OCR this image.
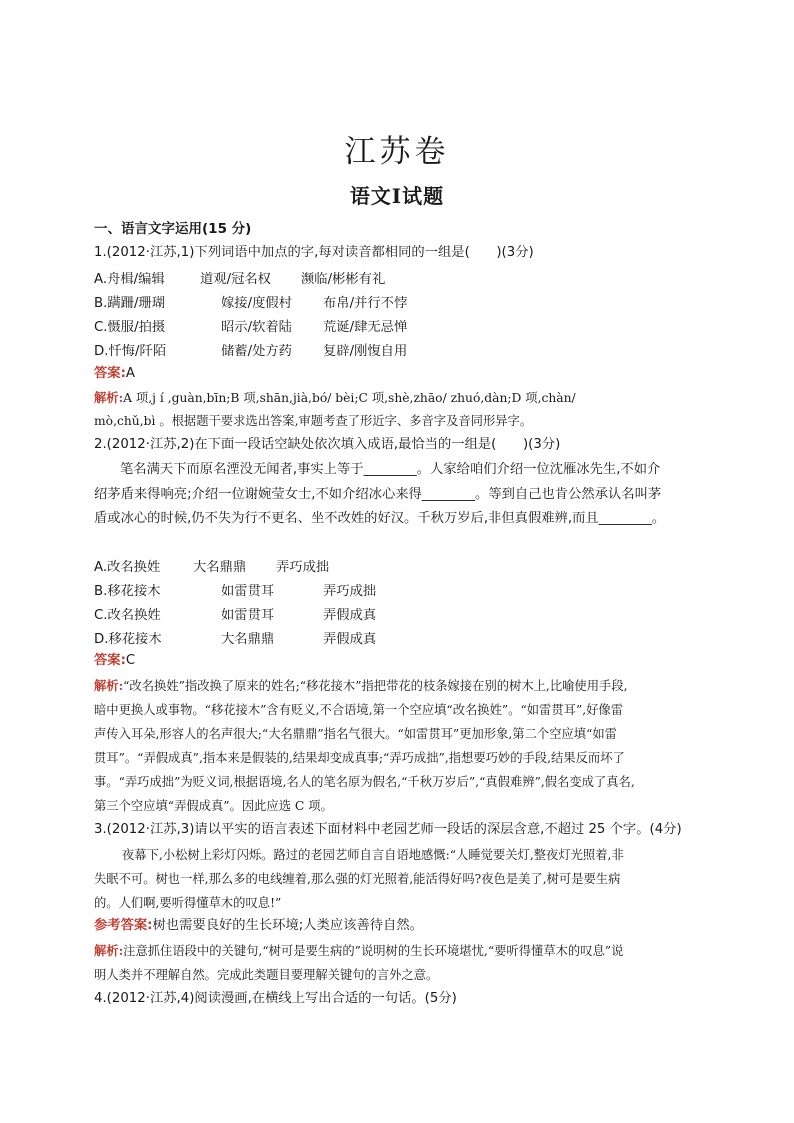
江苏卷
语文Ⅰ试题
一、语言文字运用(15 分)
1.(2012·江苏,1)下列词语中加点的字,每对读音都相同的一组是(　　)(3分)
A.舟楫/编辑	道观/冠名权 濒临/彬彬有礼
B.蹒跚/珊瑚	嫁接/度假村 布帛/并行不悖
C.慑服/拍摄	昭示/软着陆 荒诞/肆无忌惮
D.忏悔/阡陌	储蓄/处方药 复辟/刚愎自用
答案:A
解析:A 项,j í ,guàn,bīn;B 项,shān,jià,bó/ bèi;C 项,shè,zhāo/ zhuó,dàn;D 项,chàn/
mò,chǔ,bì 。根据题干要求选出答案,审题考查了形近字、多音字及音同形异字。
2.(2012·江苏,2)在下面一段话空缺处依次填入成语,最恰当的一组是(　　)(3分)
笔名满天下而原名湮没无闻者,事实上等于________。人家给咱们介绍一位沈雁冰先生,不如介
绍茅盾来得响亮;介绍一位谢婉莹女士,不如介绍冰心来得________。等到自己也肯公然承认名叫茅
盾或冰心的时候,仍不失为行不更名、坐不改姓的好汉。千秋万岁后,非但真假难辨,而且________。
A.改名换姓 大名鼎鼎 弄巧成拙
B.移花接木	如雷贯耳	弄巧成拙
C.改名换姓	如雷贯耳	弄假成真
D.移花接木	大名鼎鼎	弄假成真
答案:C
解析:“改名换姓”指改换了原来的姓名;“移花接木”指把带花的枝条嫁接在别的树木上,比喻使用手段,
暗中更换人或事物。“移花接木”含有贬义,不合语境,第一个空应填“改名换姓”。“如雷贯耳”,好像雷
声传入耳朵,形容人的名声很大;“大名鼎鼎”指名气很大。“如雷贯耳”更加形象,第二个空应填“如雷
贯耳”。“弄假成真”,指本来是假装的,结果却变成真事;“弄巧成拙”,指想要巧妙的手段,结果反而坏了
事。“弄巧成拙”为贬义词,根据语境,名人的笔名原为假名,“千秋万岁后”,“真假难辨”,假名变成了真名,
第三个空应填“弄假成真”。因此应选 C 项。
3.(2012·江苏,3)请以平实的语言表述下面材料中老园艺师一段话的深层含意,不超过 25 个字。(4分)
夜幕下,小松树上彩灯闪烁。路过的老园艺师自言自语地感慨:“人睡觉要关灯,整夜灯光照着,非
失眠不可。树也一样,那么多的电线缠着,那么强的灯光照着,能活得好吗?夜色是美了,树可是要生病
的。人们啊,要听得懂草木的叹息!”
参考答案:树也需要良好的生长环境;人类应该善待自然。
解析:注意抓住语段中的关键句,“树可是要生病的”说明树的生长环境堪忧,“要听得懂草木的叹息”说
明人类并不理解自然。完成此类题目要理解关键句的言外之意。
4.(2012·江苏,4)阅读漫画,在横线上写出合适的一句话。(5分)
